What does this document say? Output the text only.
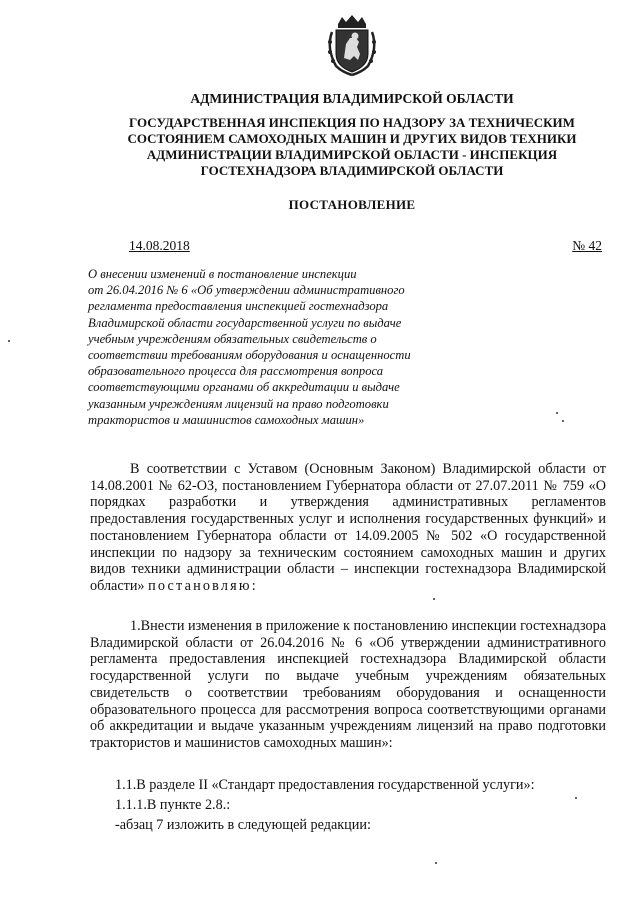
АДМИНИСТРАЦИЯ ВЛАДИМИРСКОЙ ОБЛАСТИ
ГОСУДАРСТВЕННАЯ ИНСПЕКЦИЯ ПО НАДЗОРУ ЗА ТЕХНИЧЕСКИМ
СОСТОЯНИЕМ САМОХОДНЫХ МАШИН И ДРУГИХ ВИДОВ ТЕХНИКИ
АДМИНИСТРАЦИИ ВЛАДИМИРСКОЙ ОБЛАСТИ - ИНСПЕКЦИЯ
ГОСТЕХНАДЗОРА ВЛАДИМИРСКОЙ ОБЛАСТИ
ПОСТАНОВЛЕНИЕ
14.08.2018	№ 42
О внесении изменений в постановление инспекции
от 26.04.2016 № 6 «Об утверждении административного
регламента предоставления инспекцией гостехнадзора
Владимирской области государственной услуги по выдаче
учебным учреждениям обязательных свидетельств о
соответствии требованиям оборудования и оснащенности
образовательного процесса для рассмотрения вопроса
соответствующими органами об аккредитации и выдаче
указанным учреждениям лицензий на право подготовки
трактористов и машинистов самоходных машин»

В соответствии с Уставом (Основным Законом) Владимирской области от 14.08.2001 № 62-ОЗ, постановлением Губернатора области от 27.07.2011 № 759 «О порядках разработки и утверждения административных регламентов предоставления государственных услуг и исполнения государственных функций» и постановлением Губернатора области от 14.09.2005 № 502 «О государственной инспекции по надзору за техническим состоянием самоходных машин и других видов техники администрации области – инспекции гостехнадзора Владимирской области» постановляю:

1.Внести изменения в приложение к постановлению инспекции гостехнадзора Владимирской области от 26.04.2016 № 6 «Об утверждении административного регламента предоставления инспекцией гостехнадзора Владимирской области государственной услуги по выдаче учебным учреждениям обязательных свидетельств о соответствии требованиям оборудования и оснащенности образовательного процесса для рассмотрения вопроса соответствующими органами об аккредитации и выдаче указанным учреждениям лицензий на право подготовки трактористов и машинистов самоходных машин»:

1.1.В разделе II «Стандарт предоставления государственной услуги»:
1.1.1.В пункте 2.8.:
-абзац 7 изложить в следующей редакции:
